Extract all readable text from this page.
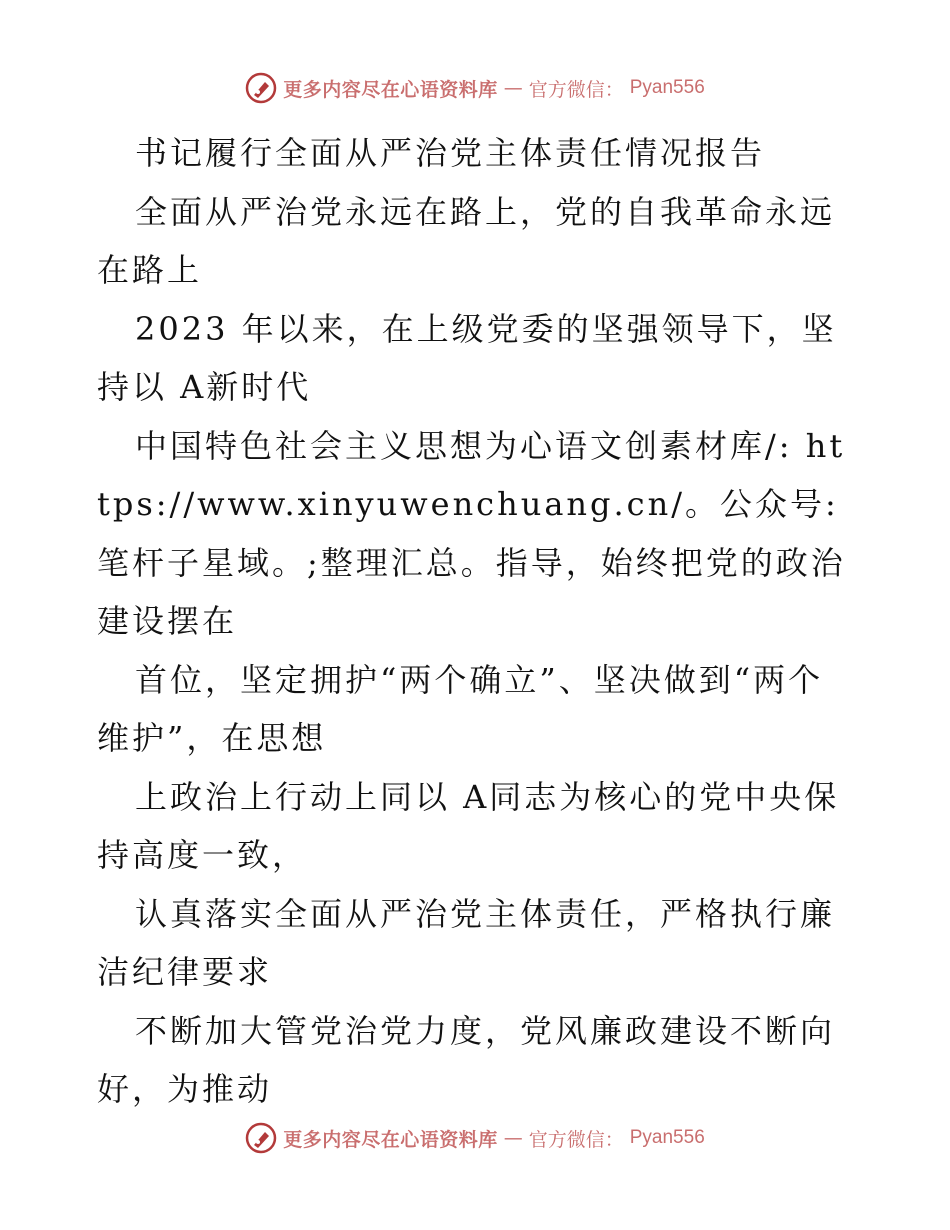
更多内容尽在心语资料库 — 官方微信： Pyan556

书记履行全面从严治党主体责任情况报告

全面从严治党永远在路上，党的自我革命永远在路上

2023 年以来，在上级党委的坚强领导下，坚持以 A新时代

中国特色社会主义思想为心语文创素材库/: https://www.xinyuwenchuang.cn/。公众号: 笔杆子星域。;整理汇总。指导，始终把党的政治建设摆在

首位，坚定拥护“两个确立”、坚决做到“两个维护”，在思想

上政治上行动上同以 A同志为核心的党中央保持高度一致，

认真落实全面从严治党主体责任，严格执行廉洁纪律要求

不断加大管党治党力度，党风廉政建设不断向好，为推动

更多内容尽在心语资料库 — 官方微信： Pyan556
